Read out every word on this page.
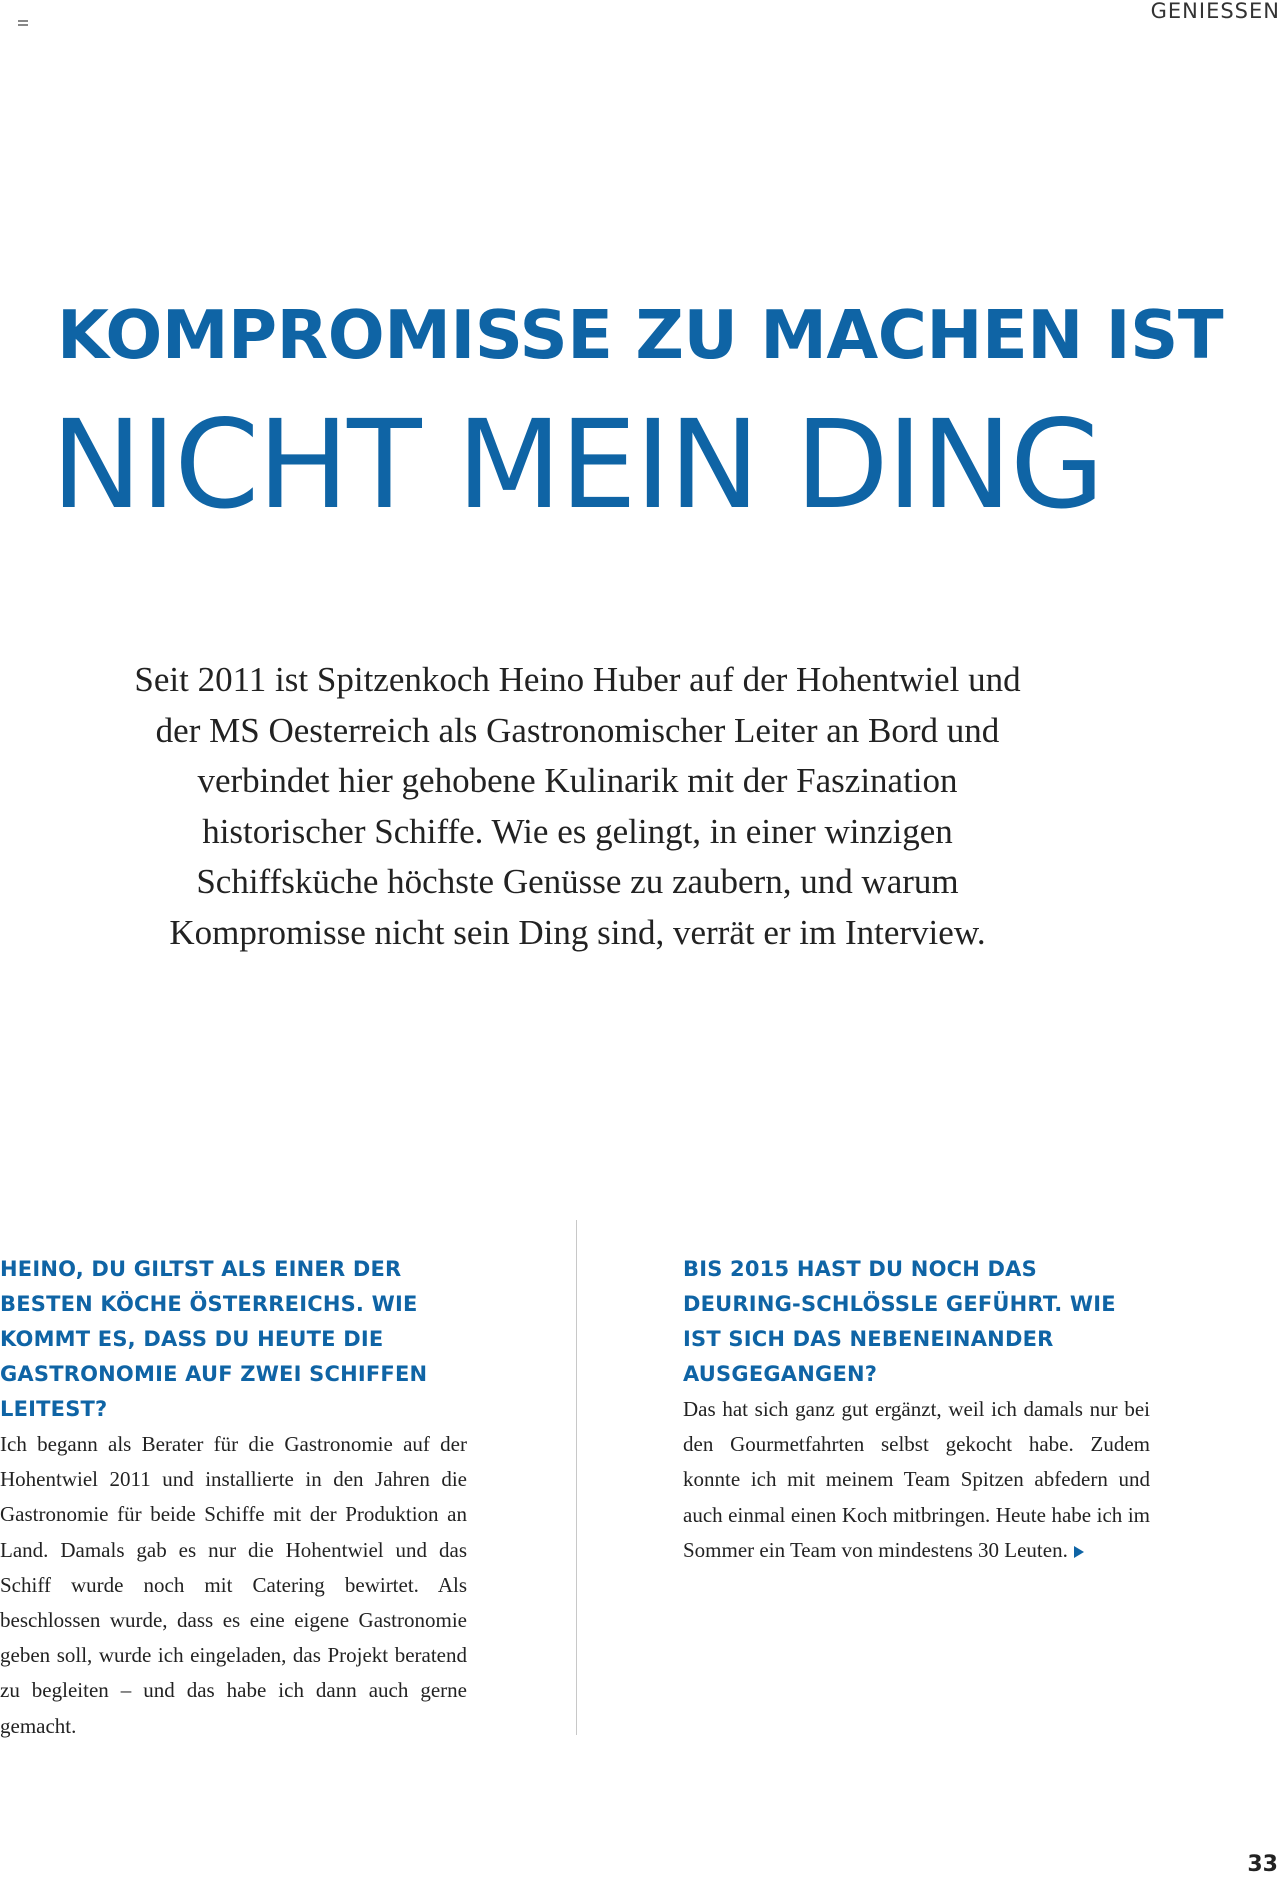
GENIESSEN
KOMPROMISSE ZU MACHEN IST
NICHT MEIN DING
Seit 2011 ist Spitzenkoch Heino Huber auf der Hohentwiel und der MS Oesterreich als Gastronomischer Leiter an Bord und verbindet hier gehobene Kulinarik mit der Faszination historischer Schiffe. Wie es gelingt, in einer winzigen Schiffsküche höchste Genüsse zu zaubern, und warum Kompromisse nicht sein Ding sind, verrät er im Interview.

HEINO, DU GILTST ALS EINER DER BESTEN KÖCHE ÖSTERREICHS. WIE KOMMT ES, DASS DU HEUTE DIE GASTRONOMIE AUF ZWEI SCHIFFEN LEITEST?

Ich begann als Berater für die Gastronomie auf der Hohentwiel 2011 und installierte in den Jahren die Gastronomie für beide Schiffe mit der Produktion an Land. Damals gab es nur die Hohentwiel und das Schiff wurde noch mit Catering bewirtet. Als beschlossen wurde, dass es eine eigene Gastronomie geben soll, wurde ich eingeladen, das Projekt beratend zu begleiten – und das habe ich dann auch gerne gemacht.

BIS 2015 HAST DU NOCH DAS DEURING-SCHLÖSSLE GEFÜHRT. WIE IST SICH DAS NEBENEINANDER AUSGEGANGEN?

Das hat sich ganz gut ergänzt, weil ich damals nur bei den Gourmetfahrten selbst gekocht habe. Zudem konnte ich mit meinem Team Spitzen abfedern und auch einmal einen Koch mitbringen. Heute habe ich im Sommer ein Team von mindestens 30 Leuten.

33
